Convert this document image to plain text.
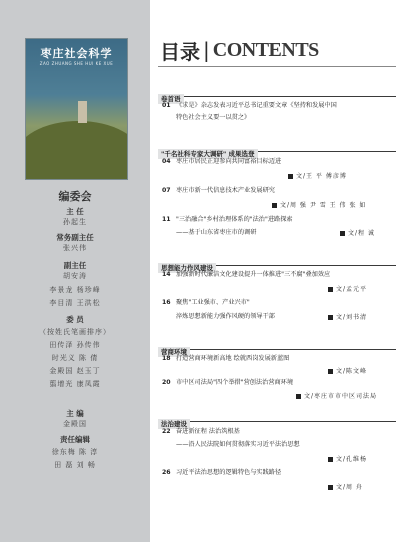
枣庄社会科学
ZAO ZHUANG SHE HUI KE XUE
编委会
主 任
孙起生
常务副主任
张兴伟
副主任
胡安涛
李景龙 杨珍峰
李目清 王洪松
委 员
（按姓氏笔画排序）
田传泽 孙传伟
时光义 陈 倩
金殿国 赵玉丁
翦增光 康凤霞
主 编
金殿国
责任编辑
徐东梅 陈 淳
田 磊 刘 畅
目录 | CONTENTS
卷首语
01 《求是》杂志发表习近平总书记重要文章《坚持和发展中国
特色社会主义要一以贯之》
"千名社科专家大调研" 成果选登
04 枣庄市居民正迎参向共同富裕目标迈进
文/王 平 傅彦博
07 枣庄市新一代信息技术产业发展研究
文/周 强 尹 雪 王 伟 张 如
11 "三治融合"乡村治理体系的"法治"进路探索
——基于山东省枣庄市的调研	文/程 诚
思想能力作风建设
14 加强新时代廉洁文化建设提升一体推进"三不腐"叠加效应
文/孟元平
16 聚焦"工业强市、产业兴市"
淬炼思想新能力强作风硬的领导干部	文/刘书清
营商环境
18 打造营商环境新高地 绘就西岗发展新蓝图
文/陈文峰
20 市中区司法局"四个举措"营创法治营商环境
文/枣庄市市中区司法局
法治建设
22 奋进新征程 法治筑根基
——沿人民法院如何贯彻落实习近平法治思想
文/孔维杨
26 习近平法治思想的逻辑特色与实践路径
文/周 舟
